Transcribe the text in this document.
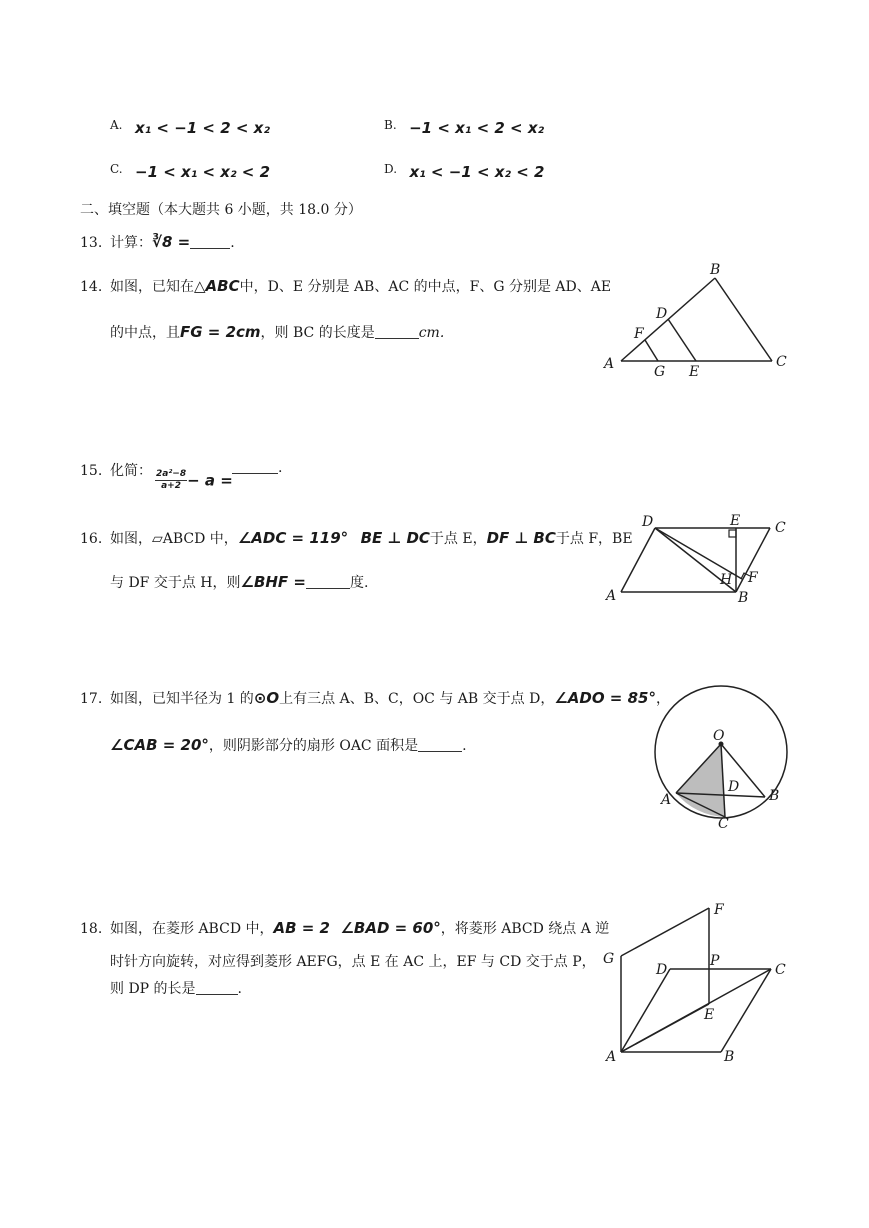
A. x₁ < −1 < 2 < x₂	B. −1 < x₁ < 2 < x₂
C. −1 < x₁ < x₂ < 2	D. x₁ < −1 < x₂ < 2
二、填空题（本大题共 6 小题，共 18.0 分）
13. 计算：∛8 =	.
14. 如图，已知在△ABC中，D、E 分别是 AB、AC 的中点，F、G 分别是 AD、AE
的中点，且FG = 2cm，则 BC 的长度是	cm.
A
B
C
D
E
F
G
15. 化简： $\frac{\text{2a²−8}}{a+2} - a$ =
.
16. 如图，▱ABCD 中，∠ADC = 119° BE ⊥ DC于点 E，DF ⊥ BC于点 F，BE
与 DF 交于点 H，则∠BHF =	度.
D	E C
A
H F
B
17. 如图，已知半径为 1 的⊙O上有三点 A、B、C，OC 与 AB 交于点 D，∠ADO = 85°，
∠CAB = 20°，则阴影部分的扇形 OAC 面积是	.
O
A	B
C
D
18. 如图，在菱形 ABCD 中，AB = 2 ∠BAD = 60°，将菱形 ABCD 绕点 A 逆
时针方向旋转，对应得到菱形 AEFG，点 E 在 AC 上，EF 与 CD 交于点 P，
则 DP 的长是	.
A	B
C
D
E
F
G	P
